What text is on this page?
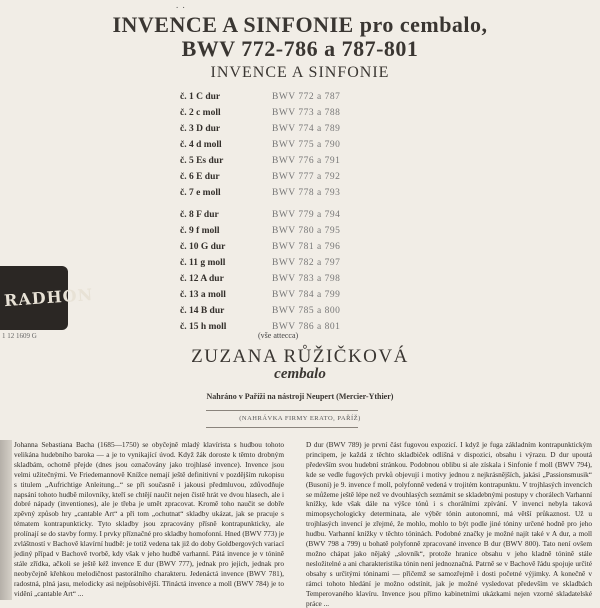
. .
INVENCE A SINFONIE pro cembalo,
BWV 772-786 a 787-801
INVENCE A SINFONIE
č. 1 C dur	BWV 772 a 787
č. 2 c moll	BWV 773 a 788
č. 3 D dur	BWV 774 a 789
č. 4 d moll	BWV 775 a 790
č. 5 Es dur	BWV 776 a 791
č. 6 E dur	BWV 777 a 792
č. 7 e moll	BWV 778 a 793
č. 8 F dur	BWV 779 a 794
č. 9 f moll	BWV 780 a 795
č. 10 G dur	BWV 781 a 796
č. 11 g moll	BWV 782 a 797
č. 12 A dur	BWV 783 a 798
č. 13 a moll	BWV 784 a 799
č. 14 B dur	BWV 785 a 800
č. 15 h moll	BWV 786 a 801
RADHON
1 12 1609 G	(vše attecca)
ZUZANA RŮŽIČKOVÁ
cembalo
Nahráno v Paříži na nástroji Neupert (Mercier-Ythier)
(NAHRÁVKA FIRMY ERATO, PAŘÍŽ)

Johanna Sebastiana Bacha (1685—1750) se obyčejně mladý klavírista s hudbou tohoto velikána hudebního baroka — a je to vynikající úvod. Když žák doroste k těmto drobným skladbám, ochotně přejde (dnes jsou označovány jako trojhlasé invence). Invence jsou velmi užitečnými. Ve Friedemannově Knížce nemají ještě definitivní v pozdějším rukopisu s titulem „Aufrichtige Anleitung...“ se při současně i jakousi předmluvou, zdůvodňuje napsání tohoto hudbě milovníky, kteří se chtějí naučit nejen čistě hrát ve dvou hlasech, ale i dobré nápady (inventiones), ale je třeba je umět zpracovat. Kromě toho naučit se dobře zpěvný způsob hry „cantable Art“ a při tom „ochutnat“ skladby ukázat, jak se pracuje s tématem kontrapunkticky. Tyto skladby jsou zpracovány přísně kontrapunkticky, ale prolínají se do stavby formy. I prvky příznačné pro skladby homofonní. Hned (BWV 773) je zvláštností v Bachově klavírní hudbě: je totiž vedena tak již do doby Goldbergových variací jediný případ v Bachově tvorbě, kdy však v jeho hudbě varhanní. Pátá invence je v tónině stále zřídka, ačkoli se ještě kéž invence E dur (BWV 777), jednak pro jejich, jednak pro neobyčejně křehkou melodičnost pastorálního charakteru. Jedenáctá invence (BWV 781), radostná, plná jasu, melodicky asi nejpůsobivější. Třináctá invence a moll (BWV 784) je to vidění „cantable Art“ ...

D dur (BWV 789) je první část fugovou expozicí. I když je fuga základním kontrapunktickým principem, je každá z těchto skladbiček odlišná v dispozici, obsahu i výrazu. D dur upoutá především svou hudební stránkou. Podobnou oblibu si ale získala i Sinfonie f moll (BWV 794), kde se vedle fugových prvků objevují i motivy jednou z nejkrásnějších, jakási „Passionsmusik“ (Busoni) je 9. invence f moll, polyfonně vedená v trojitém kontrapunktu. V trojhlasých invencích se můžeme ještě lépe než ve dvouhlasých seznámit se skladebnými postupy v chorálech Varhanní knížky, kde však dále na výšce tónů i s chorálními zpívání. V invenci nebyla taková mimopsychologicky determinata, ale výběr tónin autonomní, má větší průkaznost. Už u trojhlasých invencí je zřejmé, že mohlo, mohlo to být podle jiné tóniny určené hodně pro jeho hudbu. Varhanní knížky v těchto tóninách. Podobné značky je možné najít také v A dur, a moll (BWV 798 a 799) u bohatě polyfonně zpracované invence B dur (BWV 800). Tato není ovšem možno chápat jako nějaký „slovník“, protože hranice obsahu v jeho kladně tónině stále nesložitelné a ani charakteristika tónin není jednoznačná. Patrně se v Bachově řádu spojuje určité obsahy s určitými tóninami — přičemž se samozřejmě i dosti početné výjimky. A konečně v rámci tohoto hledání je možno odstínit, jak je možné vysledovat především ve skladbách Temperovaného klavíru. Invence jsou přímo kabinetními ukázkami nejen vzorné skladatelské práce ...
